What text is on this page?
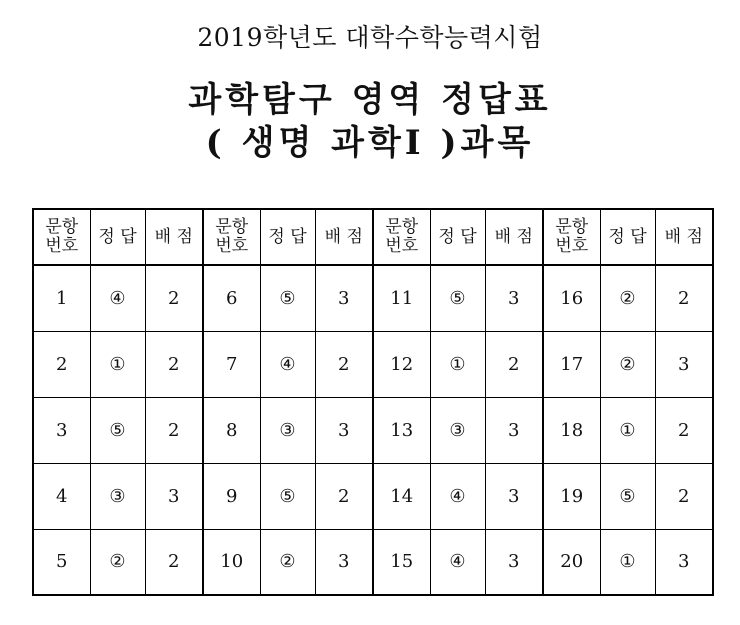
2019학년도 대학수학능력시험
과학탐구 영역 정답표
( 생명 과학Ⅰ )과목
문항
번호	정 답	배 점	문항
번호	정 답	배 점	문항
번호	정 답	배 점	문항
번호	정 답	배 점
1	④	2	6	⑤	3	11	⑤	3	16	②	2
2	①	2	7	④	2	12	①	2	17	②	3
3	⑤	2	8	③	3	13	③	3	18	①	2
4	③	3	9	⑤	2	14	④	3	19	⑤	2
5	②	2	10	②	3	15	④	3	20	①	3
